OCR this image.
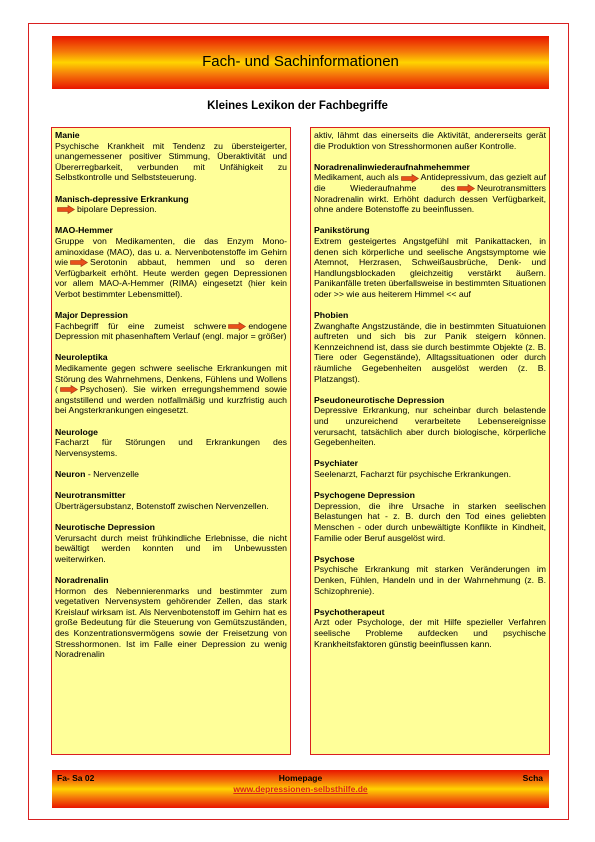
Fach- und Sachinformationen
Kleines Lexikon der Fachbegriffe
Manie
Psychische Krankheit mit Tendenz zu übersteigerter, unangemessener positiver Stimmung, Überaktivität und Übererregbarkeit, verbunden mit Unfähigkeit zu Selbstkontrolle und Selbststeuerung.
Manisch-depressive Erkrankung
bipolare Depression.
MAO-Hemmer
Gruppe von Medikamenten, die das Enzym Mono-aminoxidase (MAO), das u. a. Nervenbotenstoffe im Gehirn wie	Serotonin abbaut, hemmen und so deren Verfügbarkeit erhöht. Heute werden gegen Depressionen vor allem MAO-A-Hemmer (RIMA) eingesetzt (hier kein Verbot bestimmter Lebensmittel).
Major Depression
Fachbegriff für eine zumeist schwere	endogene Depression mit phasenhaftem Verlauf (engl. major = größer)
Neuroleptika
Medikamente gegen schwere seelische Erkrankungen mit Störung des Wahrnehmens, Denkens, Fühlens und Wollens (	Psychosen). Sie wirken erregungshemmend sowie angststillend und werden notfallmäßig und kurzfristig auch bei Angsterkrankungen eingesetzt.
Neurologe
Facharzt für Störungen und Erkrankungen des Nervensystems.
Neuron - Nervenzelle
Neurotransmitter
Überträgersubstanz, Botenstoff zwischen Nervenzellen.
Neurotische Depression
Verursacht durch meist frühkindliche Erlebnisse, die nicht bewältigt werden konnten und im Unbewussten weiterwirken.
Noradrenalin
Hormon des Nebennierenmarks und bestimmter zum vegetativen Nervensystem gehörender Zellen, das stark Kreislauf wirksam ist. Als Nervenbotenstoff im Gehirn hat es große Bedeutung für die Steuerung von Gemütszuständen, des Konzentrationsvermögens sowie der Freisetzung von Stresshormonen. Ist im Falle einer Depression zu wenig Noradrenalin
aktiv, lähmt das einerseits die Aktivität, andererseits gerät die Produktion von Stresshormonen außer Kontrolle.
Noradrenalinwiederaufnahmehemmer
Medikament, auch als	Antidepressivum, das gezielt auf die Wiederaufnahme des	Neurotransmitters Noradrenalin wirkt. Erhöht dadurch dessen Verfügbarkeit, ohne andere Botenstoffe zu beeinflussen.
Panikstörung
Extrem gesteigertes Angstgefühl mit Panikattacken, in denen sich körperliche und seelische Angstsymptome wie Atemnot, Herzrasen, Schweißausbrüche, Denk- und Handlungsblockaden gleichzeitig verstärkt äußern. Panikanfälle treten überfallsweise in bestimmten Situationen oder >> wie aus heiterem Himmel << auf
Phobien
Zwanghafte Angstzustände, die in bestimmten Situatuionen auftreten und sich bis zur Panik steigern können. Kennzeichnend ist, dass sie durch bestimmte Objekte (z. B. Tiere oder Gegenstände), Alltagssituationen oder durch räumliche Gegebenheiten ausgelöst werden (z. B. Platzangst).
Pseudoneurotische Depression
Depressive Erkrankung, nur scheinbar durch belastende und unzureichend verarbeitete Lebensereignisse verursacht, tatsächlich aber durch biologische, körperliche Gegebenheiten.
Psychiater
Seelenarzt, Facharzt für psychische Erkrankungen.
Psychogene Depression
Depression, die ihre Ursache in starken seelischen Belastungen hat - z. B. durch den Tod eines geliebten Menschen - oder durch unbewältigte Konflikte in Kindheit, Familie oder Beruf ausgelöst wird.
Psychose
Psychische Erkrankung mit starken Veränderungen im Denken, Fühlen, Handeln und in der Wahrnehmung (z. B. Schizophrenie).
Psychotherapeut
Arzt oder Psychologe, der mit Hilfe spezieller Verfahren seelische Probleme aufdecken und psychische Krankheitsfaktoren günstig beeinflussen kann.
Fa- Sa 02	Homepage	Scha
www.depressionen-selbsthilfe.de
